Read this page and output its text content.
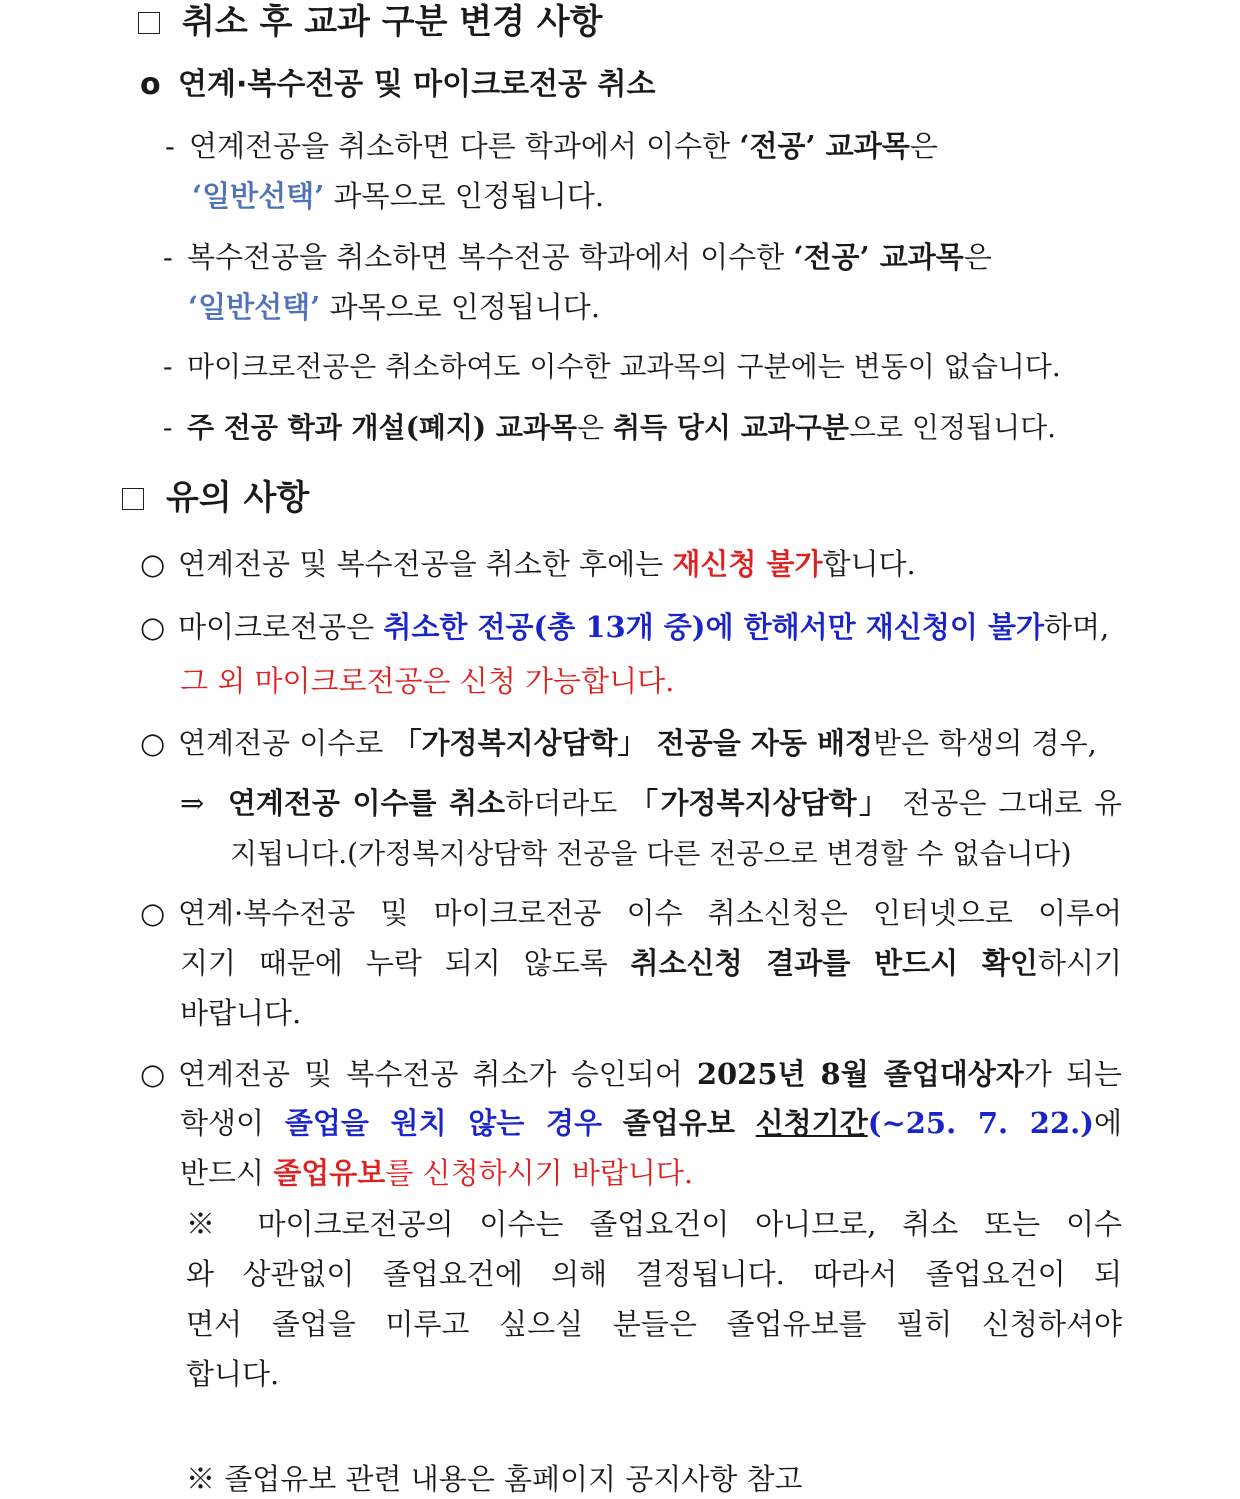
취소 후 교과 구분 변경 사항
o 연계·복수전공 및 마이크로전공 취소
- 연계전공을 취소하면 다른 학과에서 이수한 ‘전공’ 교과목은
‘일반선택’ 과목으로 인정됩니다.
- 복수전공을 취소하면 복수전공 학과에서 이수한 ‘전공’ 교과목은
‘일반선택’ 과목으로 인정됩니다.
- 마이크로전공은 취소하여도 이수한 교과목의 구분에는 변동이 없습니다.
- 주 전공 학과 개설(폐지) 교과목은 취득 당시 교과구분으로 인정됩니다.
유의 사항
○ 연계전공 및 복수전공을 취소한 후에는 재신청 불가합니다.
○ 마이크로전공은 취소한 전공(총 13개 중)에 한해서만 재신청이 불가하며,
그 외 마이크로전공은 신청 가능합니다.
○ 연계전공 이수로 「가정복지상담학」 전공을 자동 배정받은 학생의 경우,
⇒ 연계전공 이수를 취소하더라도 「가정복지상담학」 전공은 그대로 유
지됩니다.(가정복지상담학 전공을 다른 전공으로 변경할 수 없습니다)
○ 연계·복수전공 및 마이크로전공 이수 취소신청은 인터넷으로 이루어
지기 때문에 누락 되지 않도록 취소신청 결과를 반드시 확인하시기
바랍니다.
○ 연계전공 및 복수전공 취소가 승인되어 2025년 8월 졸업대상자가 되는
학생이 졸업을 원치 않는 경우 졸업유보 신청기간(~25. 7. 22.)에
반드시 졸업유보를 신청하시기 바랍니다.
※ 마이크로전공의 이수는 졸업요건이 아니므로, 취소 또는 이수
와 상관없이 졸업요건에 의해 결정됩니다. 따라서 졸업요건이 되
면서 졸업을 미루고 싶으실 분들은 졸업유보를 필히 신청하셔야
합니다.
※ 졸업유보 관련 내용은 홈페이지 공지사항 참고
